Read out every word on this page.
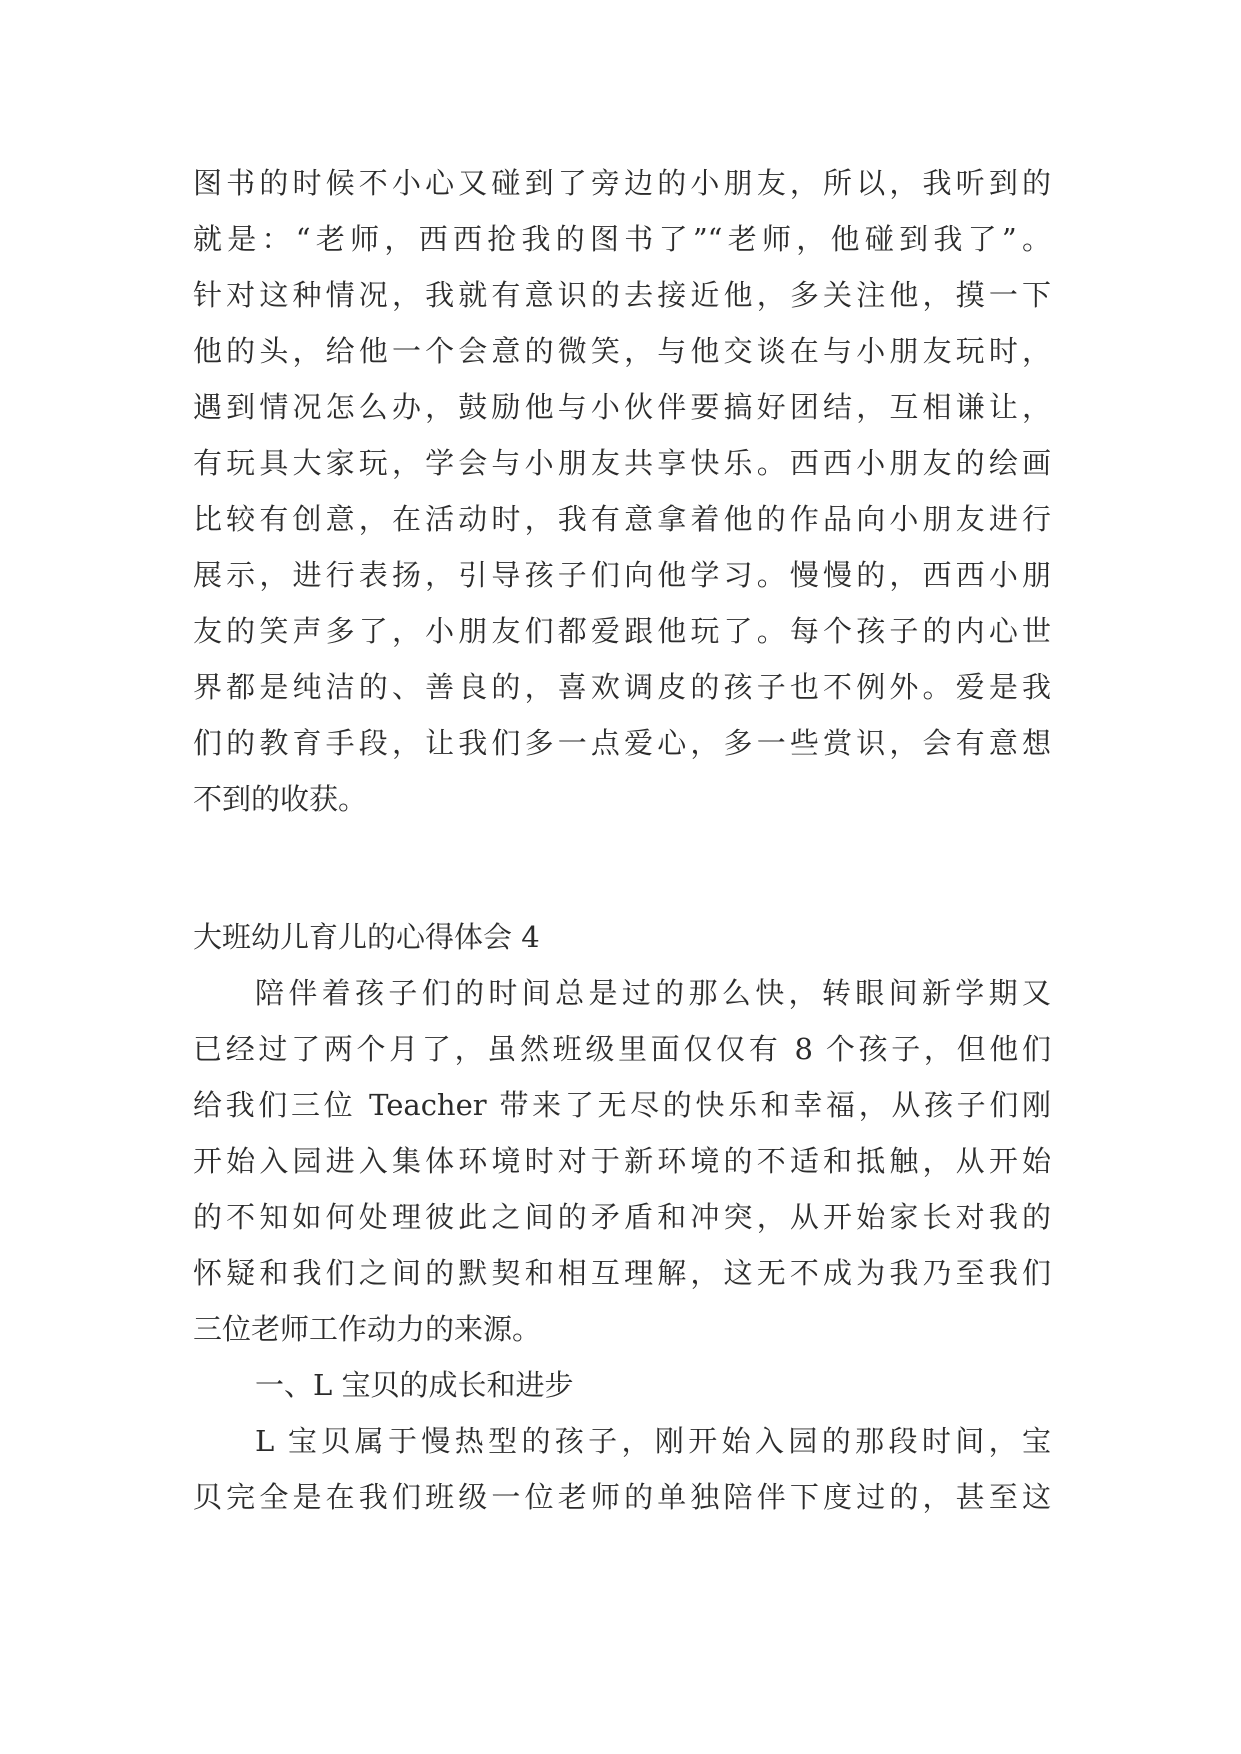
图书的时候不小心又碰到了旁边的小朋友，所以，我听到的
就是：“老师，西西抢我的图书了”“老师，他碰到我了”。
针对这种情况，我就有意识的去接近他，多关注他，摸一下
他的头，给他一个会意的微笑，与他交谈在与小朋友玩时，
遇到情况怎么办，鼓励他与小伙伴要搞好团结，互相谦让，
有玩具大家玩，学会与小朋友共享快乐。西西小朋友的绘画
比较有创意，在活动时，我有意拿着他的作品向小朋友进行
展示，进行表扬，引导孩子们向他学习。慢慢的，西西小朋
友的笑声多了，小朋友们都爱跟他玩了。每个孩子的内心世
界都是纯洁的、善良的，喜欢调皮的孩子也不例外。爱是我
们的教育手段，让我们多一点爱心，多一些赏识，会有意想
不到的收获。
大班幼儿育儿的心得体会 4
陪伴着孩子们的时间总是过的那么快，转眼间新学期又
已经过了两个月了，虽然班级里面仅仅有 8 个孩子，但他们
给我们三位 Teacher 带来了无尽的快乐和幸福，从孩子们刚
开始入园进入集体环境时对于新环境的不适和抵触，从开始
的不知如何处理彼此之间的矛盾和冲突，从开始家长对我的
怀疑和我们之间的默契和相互理解，这无不成为我乃至我们
三位老师工作动力的来源。
一、L 宝贝的成长和进步
L 宝贝属于慢热型的孩子，刚开始入园的那段时间，宝
贝完全是在我们班级一位老师的单独陪伴下度过的，甚至这
